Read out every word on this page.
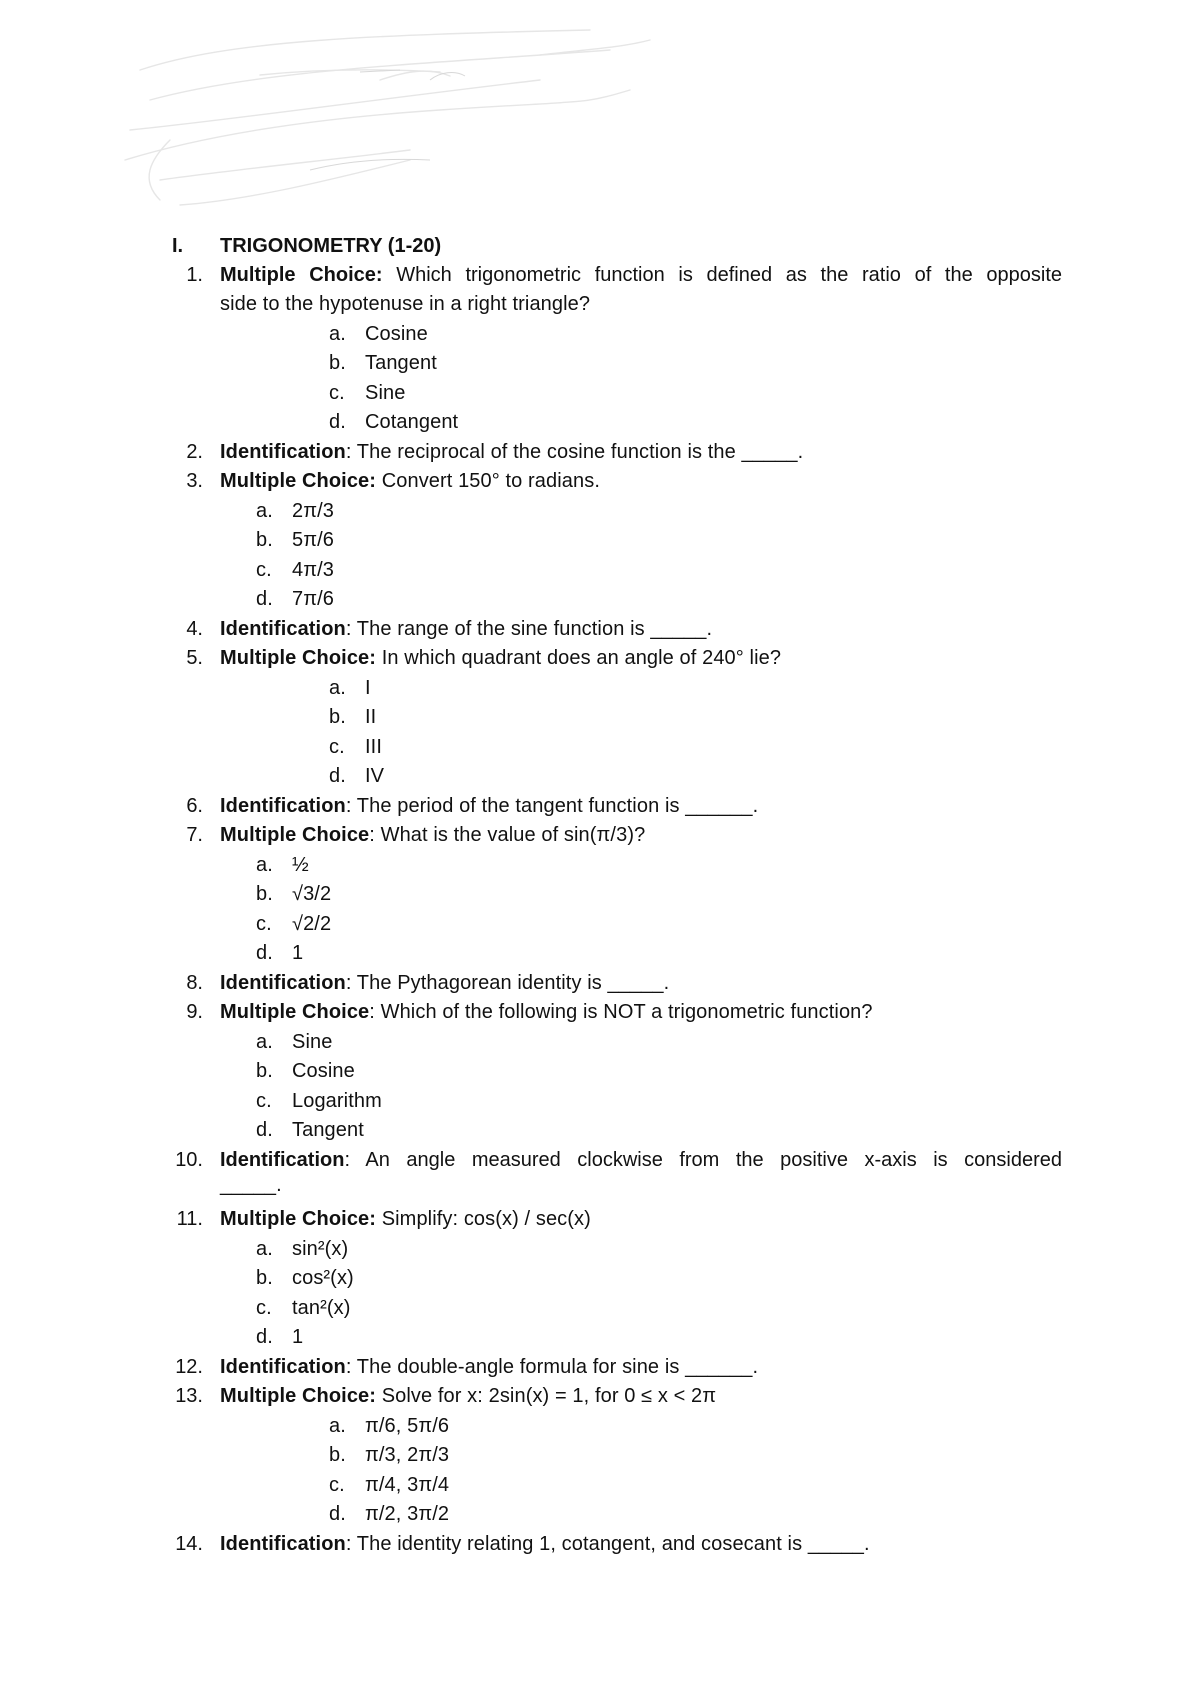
I. TRIGONOMETRY (1-20)
1. Multiple Choice: Which trigonometric function is defined as the ratio of the opposite
side to the hypotenuse in a right triangle?
a. Cosine
b. Tangent
c. Sine
d. Cotangent
2. Identification: The reciprocal of the cosine function is the _____.
3. Multiple Choice: Convert 150° to radians.
a. 2π/3
b. 5π/6
c. 4π/3
d. 7π/6
4. Identification: The range of the sine function is _____.
5. Multiple Choice: In which quadrant does an angle of 240° lie?
a. I
b. II
c. III
d. IV
6. Identification: The period of the tangent function is ______.
7. Multiple Choice: What is the value of sin(π/3)?
a. ½
b. √3/2
c. √2/2
d. 1
8. Identification: The Pythagorean identity is _____.
9. Multiple Choice: Which of the following is NOT a trigonometric function?
a. Sine
b. Cosine
c. Logarithm
d. Tangent
10. Identification: An angle measured clockwise from the positive x-axis is considered
_____.
11. Multiple Choice: Simplify: cos(x) / sec(x)
a. sin²(x)
b. cos²(x)
c. tan²(x)
d. 1
12. Identification: The double-angle formula for sine is ______.
13. Multiple Choice: Solve for x: 2sin(x) = 1, for 0 ≤ x < 2π
a. π/6, 5π/6
b. π/3, 2π/3
c. π/4, 3π/4
d. π/2, 3π/2
14. Identification: The identity relating 1, cotangent, and cosecant is _____.
